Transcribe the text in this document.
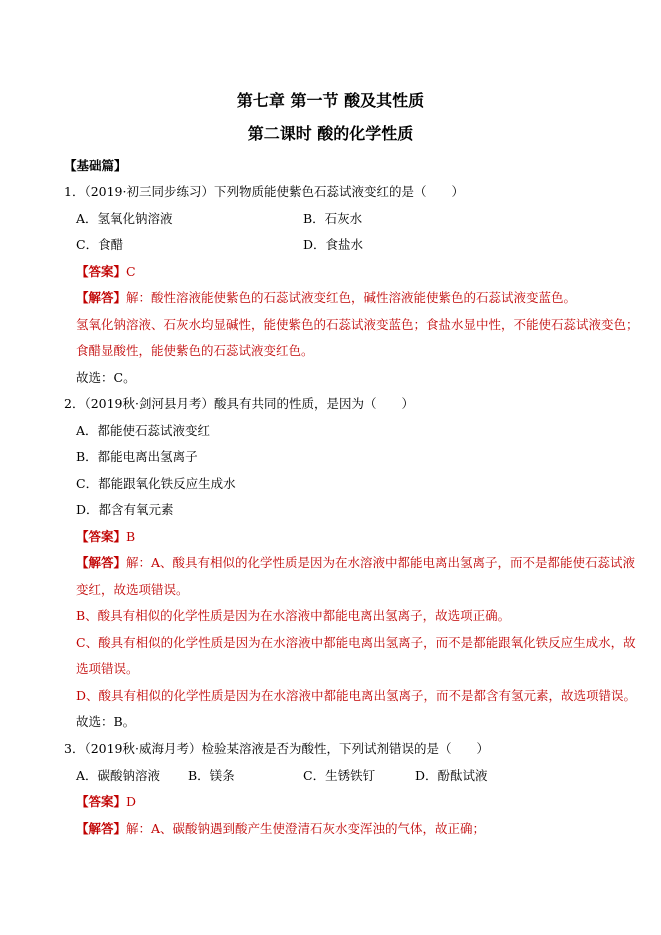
第七章 第一节 酸及其性质
第二课时 酸的化学性质
【基础篇】
1．（2019·初三同步练习）下列物质能使紫色石蕊试液变红的是（　　）
A．氢氧化钠溶液	B．石灰水
C．食醋	D．食盐水
【答案】C
【解答】解：酸性溶液能使紫色的石蕊试液变红色，碱性溶液能使紫色的石蕊试液变蓝色。
氢氧化钠溶液、石灰水均显碱性，能使紫色的石蕊试液变蓝色；食盐水显中性，不能使石蕊试液变色；
食醋显酸性，能使紫色的石蕊试液变红色。
故选：C。
2．（2019秋·剑河县月考）酸具有共同的性质，是因为（　　）
A．都能使石蕊试液变红
B．都能电离出氢离子
C．都能跟氧化铁反应生成水
D．都含有氧元素
【答案】B
【解答】解：A、酸具有相似的化学性质是因为在水溶液中都能电离出氢离子，而不是都能使石蕊试液
变红，故选项错误。
B、酸具有相似的化学性质是因为在水溶液中都能电离出氢离子，故选项正确。
C、酸具有相似的化学性质是因为在水溶液中都能电离出氢离子，而不是都能跟氧化铁反应生成水，故
选项错误。
D、酸具有相似的化学性质是因为在水溶液中都能电离出氢离子，而不是都含有氢元素，故选项错误。
故选：B。
3．（2019秋·威海月考）检验某溶液是否为酸性，下列试剂错误的是（　　）
A．碳酸钠溶液 B．镁条	C．生锈铁钉	D．酚酞试液
【答案】D
【解答】解：A、碳酸钠遇到酸产生使澄清石灰水变浑浊的气体，故正确；
